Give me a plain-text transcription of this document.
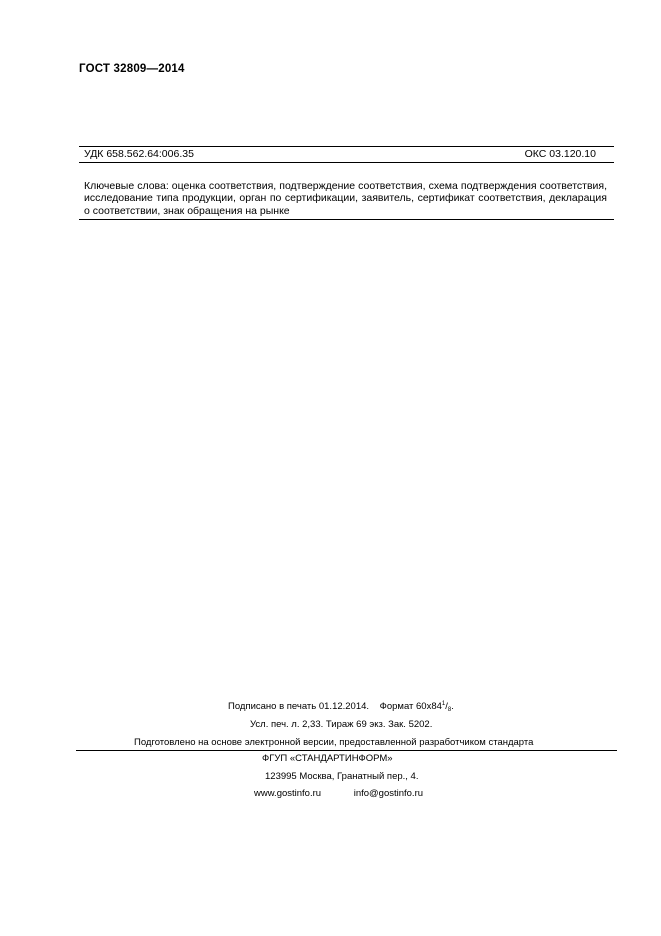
ГОСТ 32809—2014
УДК 658.562.64:006.35	ОКС 03.120.10
Ключевые слова: оценка соответствия, подтверждение соответствия, схема подтверждения соответствия, исследование типа продукции, орган по сертификации, заявитель, сертификат соответствия, декларация о соответствии, знак обращения на рынке
Подписано в печать 01.12.2014. Формат $60x84^1/_8$.
Усл. печ. л. 2,33. Тираж 69 экз. Зак. 5202.
Подготовлено на основе электронной версии, предоставленной разработчиком стандарта
ФГУП «СТАНДАРТИНФОРМ»
123995 Москва, Гранатный пер., 4.
www.gostinfo.ru	info@gostinfo.ru
